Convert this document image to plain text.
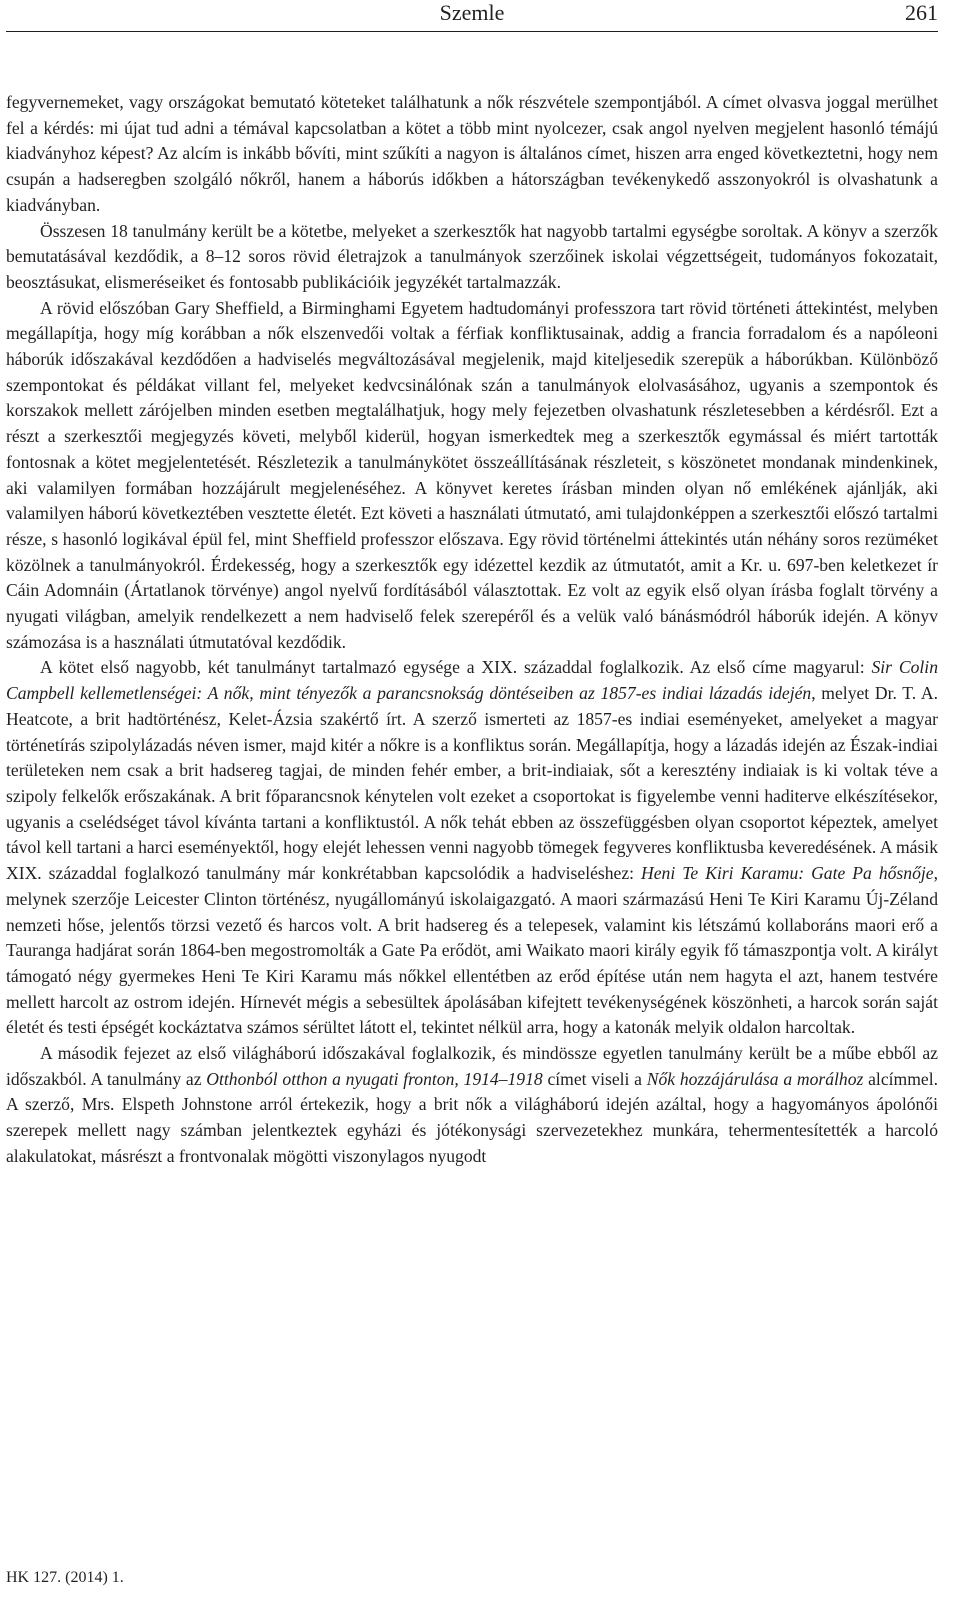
Szemle	261

fegyvernemeket, vagy országokat bemutató köteteket találhatunk a nők részvétele szempontjából. A címet olvasva joggal merülhet fel a kérdés: mi újat tud adni a témával kapcsolatban a kötet a több mint nyolcezer, csak angol nyelven megjelent hasonló témájú kiadványhoz képest? Az alcím is inkább bővíti, mint szűkíti a nagyon is általános címet, hiszen arra enged következtetni, hogy nem csupán a hadseregben szolgáló nőkről, hanem a háborús időkben a hátországban tevékenykedő asszonyokról is olvashatunk a kiadványban.

Összesen 18 tanulmány került be a kötetbe, melyeket a szerkesztők hat nagyobb tartalmi egységbe soroltak. A könyv a szerzők bemutatásával kezdődik, a 8–12 soros rövid életrajzok a tanulmányok szerzőinek iskolai végzettségeit, tudományos fokozatait, beosztásukat, elismeréseiket és fontosabb publikációik jegyzékét tartalmazzák.

A rövid előszóban Gary Sheffield, a Birminghami Egyetem hadtudományi professzora tart rövid történeti áttekintést, melyben megállapítja, hogy míg korábban a nők elszenvedői voltak a férfiak konfliktusainak, addig a francia forradalom és a napóleoni háborúk időszakával kezdődően a hadviselés megváltozásával megjelenik, majd kiteljesedik szerepük a háborúkban. Különböző szempontokat és példákat villant fel, melyeket kedvcsinálónak szán a tanulmányok elolvasásához, ugyanis a szempontok és korszakok mellett zárójelben minden esetben megtalálhatjuk, hogy mely fejezetben olvashatunk részletesebben a kérdésről. Ezt a részt a szerkesztői megjegyzés követi, melyből kiderül, hogyan ismerkedtek meg a szerkesztők egymással és miért tartották fontosnak a kötet megjelentetését. Részletezik a tanulmánykötet összeállításának részleteit, s köszönetet mondanak mindenkinek, aki valamilyen formában hozzájárult megjelenéséhez. A könyvet keretes írásban minden olyan nő emlékének ajánlják, aki valamilyen háború következtében vesztette életét. Ezt követi a használati útmutató, ami tulajdonképpen a szerkesztői előszó tartalmi része, s hasonló logikával épül fel, mint Sheffield professzor előszava. Egy rövid történelmi áttekintés után néhány soros rezüméket közölnek a tanulmányokról. Érdekesség, hogy a szerkesztők egy idézettel kezdik az útmutatót, amit a Kr. u. 697-ben keletkezet ír Cáin Adomnáin (Ártatlanok törvénye) angol nyelvű fordításából választottak. Ez volt az egyik első olyan írásba foglalt törvény a nyugati világban, amelyik rendelkezett a nem hadviselő felek szerepéről és a velük való bánásmódról háborúk idején. A könyv számozása is a használati útmutatóval kezdődik.

A kötet első nagyobb, két tanulmányt tartalmazó egysége a XIX. századdal foglalkozik. Az első címe magyarul: Sir Colin Campbell kellemetlenségei: A nők, mint tényezők a parancsnokság döntéseiben az 1857-es indiai lázadás idején, melyet Dr. T. A. Heatcote, a brit hadtörténész, Kelet-Ázsia szakértő írt. A szerző ismerteti az 1857-es indiai eseményeket, amelyeket a magyar történetírás szipolylázadás néven ismer, majd kitér a nőkre is a konfliktus során. Megállapítja, hogy a lázadás idején az Észak-indiai területeken nem csak a brit hadsereg tagjai, de minden fehér ember, a brit-indiaiak, sőt a keresztény indiaiak is ki voltak téve a szipoly felkelők erőszakának. A brit főparancsnok kénytelen volt ezeket a csoportokat is figyelembe venni haditerve elkészítésekor, ugyanis a cselédséget távol kívánta tartani a konfliktustól. A nők tehát ebben az összefüggésben olyan csoportot képeztek, amelyet távol kell tartani a harci eseményektől, hogy elejét lehessen venni nagyobb tömegek fegyveres konfliktusba keveredésének. A másik XIX. századdal foglalkozó tanulmány már konkrétabban kapcsolódik a hadviseléshez: Heni Te Kiri Karamu: Gate Pa hősnője, melynek szerzője Leicester Clinton történész, nyugállományú iskolaigazgató. A maori származású Heni Te Kiri Karamu Új-Zéland nemzeti hőse, jelentős törzsi vezető és harcos volt. A brit hadsereg és a telepesek, valamint kis létszámú kollaboráns maori erő a Tauranga hadjárat során 1864-ben megostromolták a Gate Pa erődöt, ami Waikato maori király egyik fő támaszpontja volt. A királyt támogató négy gyermekes Heni Te Kiri Karamu más nőkkel ellentétben az erőd építése után nem hagyta el azt, hanem testvére mellett harcolt az ostrom idején. Hírnevét mégis a sebesültek ápolásában kifejtett tevékenységének köszönheti, a harcok során saját életét és testi épségét kockáztatva számos sérültet látott el, tekintet nélkül arra, hogy a katonák melyik oldalon harcoltak.

A második fejezet az első világháború időszakával foglalkozik, és mindössze egyetlen tanulmány került be a műbe ebből az időszakból. A tanulmány az Otthonból otthon a nyugati fronton, 1914–1918 címet viseli a Nők hozzájárulása a morálhoz alcímmel. A szerző, Mrs. Elspeth Johnstone arról értekezik, hogy a brit nők a világháború idején azáltal, hogy a hagyományos ápolónői szerepek mellett nagy számban jelentkeztek egyházi és jótékonysági szervezetekhez munkára, tehermentesítették a harcoló alakulatokat, másrészt a frontvonalak mögötti viszonylagos nyugodt

HK 127. (2014) 1.
